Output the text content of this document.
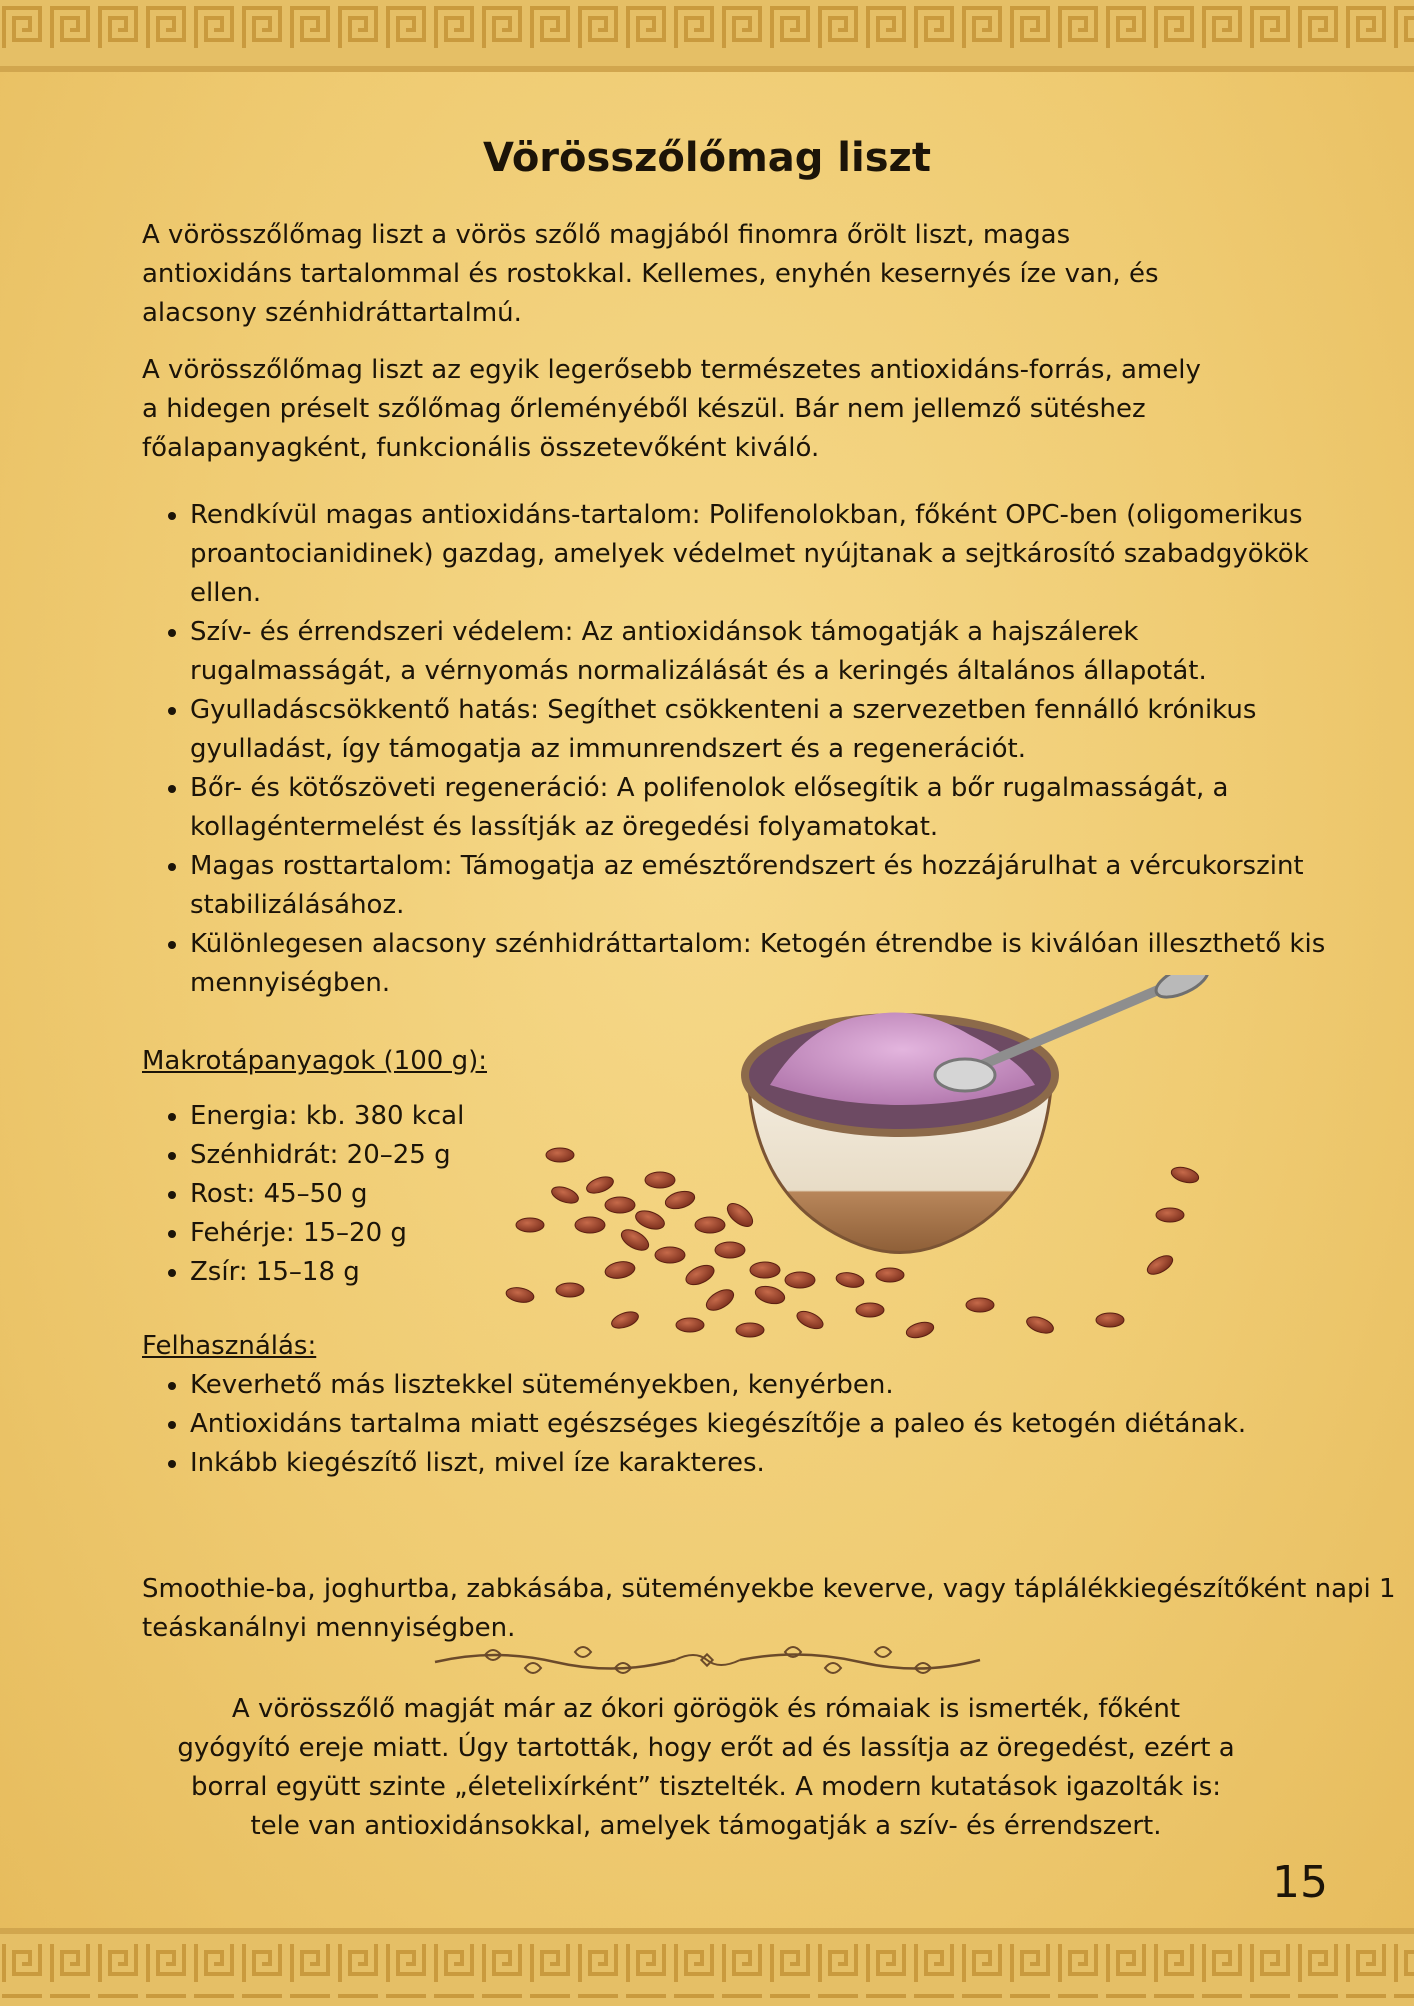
Vörösszőlőmag liszt

A vörösszőlőmag liszt a vörös szőlő magjából finomra őrölt liszt, magas antioxidáns tartalommal és rostokkal. Kellemes, enyhén kesernyés íze van, és alacsony szénhidráttartalmú.

A vörösszőlőmag liszt az egyik legerősebb természetes antioxidáns-forrás, amely a hidegen préselt szőlőmag őrleményéből készül. Bár nem jellemző sütéshez főalapanyagként, funkcionális összetevőként kiváló.

• Rendkívül magas antioxidáns-tartalom: Polifenolokban, főként OPC-ben (oligomerikus proantocianidinek) gazdag, amelyek védelmet nyújtanak a sejtkárosító szabadgyökök ellen.
• Szív- és érrendszeri védelem: Az antioxidánsok támogatják a hajszálerek rugalmasságát, a vérnyomás normalizálását és a keringés általános állapotát.
• Gyulladáscsökkentő hatás: Segíthet csökkenteni a szervezetben fennálló krónikus gyulladást, így támogatja az immunrendszert és a regenerációt.
• Bőr- és kötőszöveti regeneráció: A polifenolok elősegítik a bőr rugalmasságát, a kollagéntermelést és lassítják az öregedési folyamatokat.
• Magas rosttartalom: Támogatja az emésztőrendszert és hozzájárulhat a vércukorszint stabilizálásához.
• Különlegesen alacsony szénhidráttartalom: Ketogén étrendbe is kiválóan illeszthető kis mennyiségben.

Makrotápanyagok (100 g):

• Energia: kb. 380 kcal
• Szénhidrát: 20–25 g
• Rost: 45–50 g
• Fehérje: 15–20 g
• Zsír: 15–18 g

Felhasználás:

• Keverhető más lisztekkel süteményekben, kenyérben.
• Antioxidáns tartalma miatt egészséges kiegészítője a paleo és ketogén diétának.
• Inkább kiegészítő liszt, mivel íze karakteres.

Smoothie-ba, joghurtba, zabkásába, süteményekbe keverve, vagy táplálékkiegészítőként napi 1 teáskanálnyi mennyiségben.

A vörösszőlő magját már az ókori görögök és rómaiak is ismerték, főként
gyógyító ereje miatt. Úgy tartották, hogy erőt ad és lassítja az öregedést, ezért a
borral együtt szinte „életelixírként” tisztelték. A modern kutatások igazolták is:
tele van antioxidánsokkal, amelyek támogatják a szív- és érrendszert.
15
